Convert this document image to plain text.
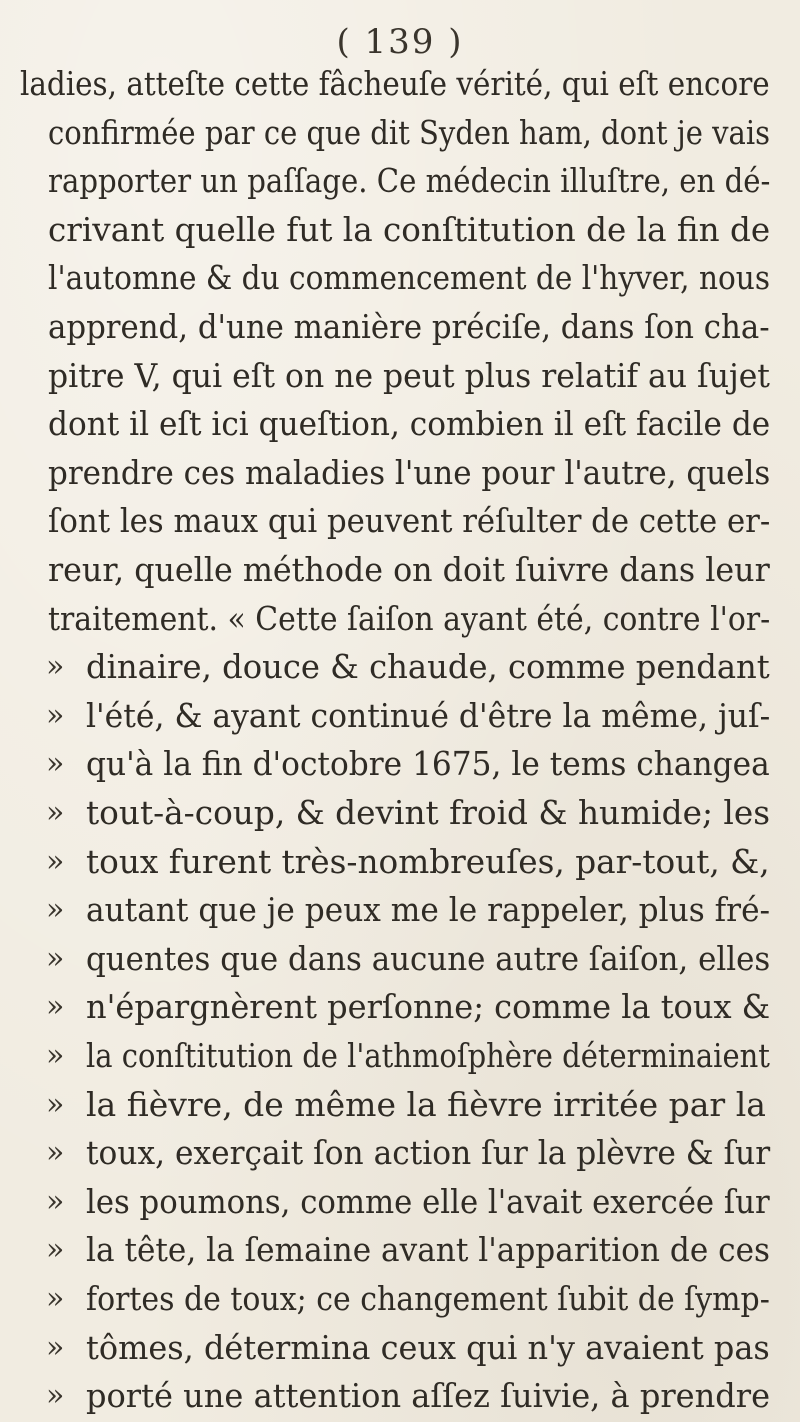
( 139 )
ladies, atteſte cette fâcheuſe vérité, qui eſt encore
confirmée par ce que dit Syden ham, dont je vais
rapporter un paſſage. Ce médecin illuſtre, en dé-
crivant quelle fut la conſtitution de la fin de
l'automne & du commencement de l'hyver, nous
apprend, d'une manière préciſe, dans ſon cha-
pitre V, qui eſt on ne peut plus relatif au ſujet
dont il eſt ici queſtion, combien il eſt facile de
prendre ces maladies l'une pour l'autre, quels
ſont les maux qui peuvent réſulter de cette er-
reur, quelle méthode on doit ſuivre dans leur
traitement. « Cette ſaiſon ayant été, contre l'or-
» dinaire, douce & chaude, comme pendant
» l'été, & ayant continué d'être la même, juſ-
» qu'à la fin d'octobre 1675, le tems changea
» tout-à-coup, & devint froid & humide; les
» toux furent très-nombreuſes, par-tout, &,
» autant que je peux me le rappeler, plus fré-
» quentes que dans aucune autre ſaiſon, elles
» n'épargnèrent perſonne; comme la toux &
» la conſtitution de l'athmoſphère déterminaient
» la fièvre, de même la fièvre irritée par la
» toux, exerçait ſon action ſur la plèvre & ſur
» les poumons, comme elle l'avait exercée ſur
» la tête, la ſemaine avant l'apparition de ces
» fortes de toux; ce changement ſubit de ſymp-
» tômes, détermina ceux qui n'y avaient pas
» porté une attention aſſez ſuivie, à prendre
